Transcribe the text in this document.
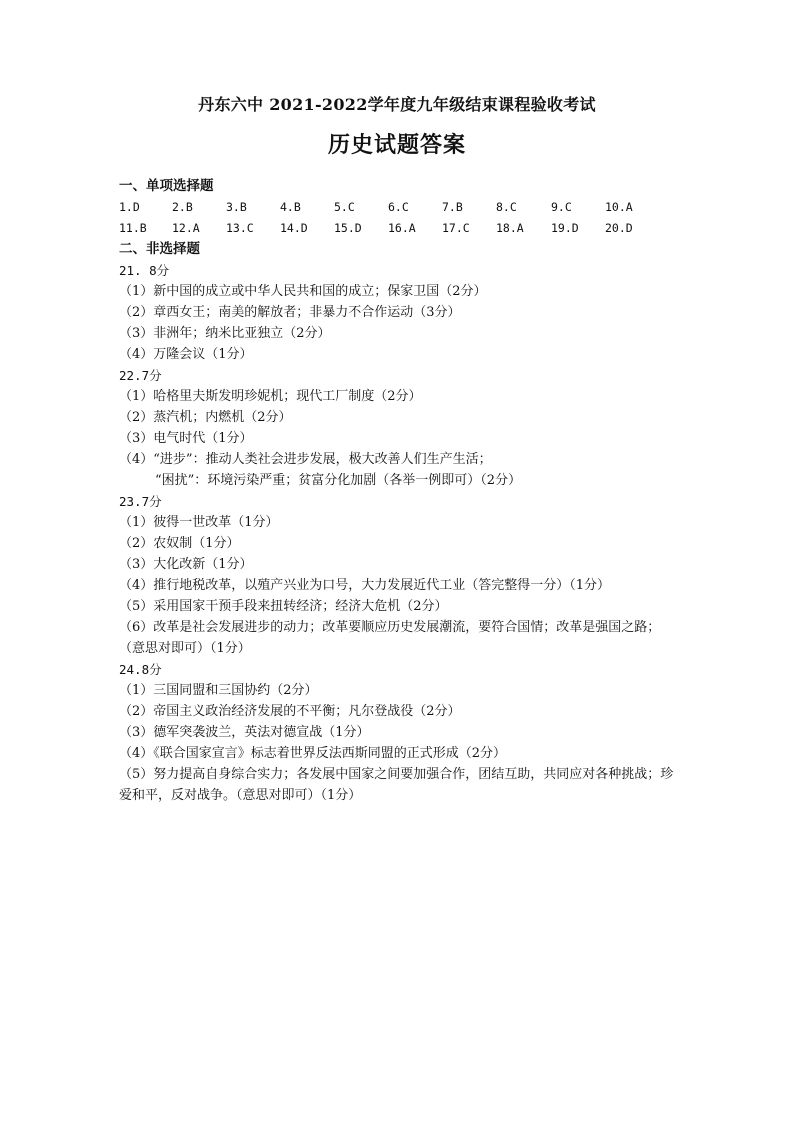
丹东六中 2021-2022学年度九年级结束课程验收考试
历史试题答案
一、单项选择题
1.D	2.B	3.B	4.B	5.C	6.C	7.B	8.C	9.C	10.A
11.B	12.A	13.C	14.D	15.D	16.A	17.C	18.A	19.D	20.D
二、非选择题
21. 8分
（1）新中国的成立或中华人民共和国的成立；保家卫国（2分）
（2）章西女王；南美的解放者；非暴力不合作运动（3分）
（3）非洲年；纳米比亚独立（2分）
（4）万隆会议（1分）
22.7分
（1）哈格里夫斯发明珍妮机；现代工厂制度（2分）
（2）蒸汽机；内燃机（2分）
（3）电气时代（1分）
（4）“进步”：推动人类社会进步发展，极大改善人们生产生活；
“困扰”：环境污染严重；贫富分化加剧（各举一例即可）（2分）
23.7分
（1）彼得一世改革（1分）
（2）农奴制（1分）
（3）大化改新（1分）
（4）推行地税改革，以殖产兴业为口号，大力发展近代工业（答完整得一分）（1分）
（5）采用国家干预手段来扭转经济；经济大危机（2分）
（6）改革是社会发展进步的动力；改革要顺应历史发展潮流，要符合国情；改革是强国之路；（意思对即可）（1分）
24.8分
（1）三国同盟和三国协约（2分）
（2）帝国主义政治经济发展的不平衡；凡尔登战役（2分）
（3）德军突袭波兰，英法对德宣战（1分）
（4）《联合国家宣言》标志着世界反法西斯同盟的正式形成（2分）
（5）努力提高自身综合实力；各发展中国家之间要加强合作，团结互助，共同应对各种挑战；珍爱和平，反对战争。（意思对即可）（1分）
